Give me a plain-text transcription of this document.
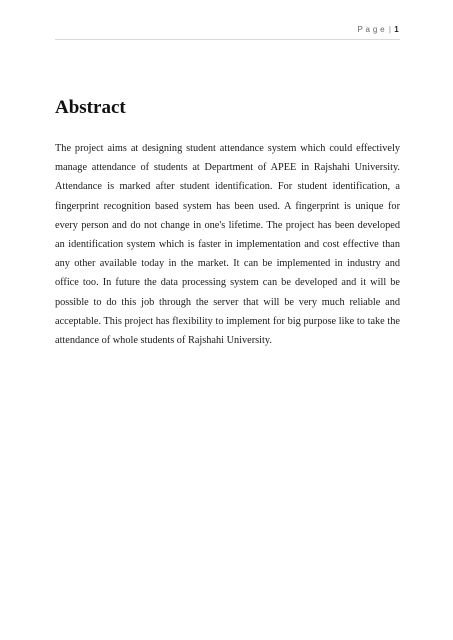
P a g e | 1
Abstract

The project aims at designing student attendance system which could effectively manage attendance of students at Department of APEE in Rajshahi University. Attendance is marked after student identification. For student identification, a fingerprint recognition based system has been used. A fingerprint is unique for every person and do not change in one's lifetime. The project has been developed an identification system which is faster in implementation and cost effective than any other available today in the market. It can be implemented in industry and office too. In future the data processing system can be developed and it will be possible to do this job through the server that will be very much reliable and acceptable. This project has flexibility to implement for big purpose like to take the attendance of whole students of Rajshahi University.
